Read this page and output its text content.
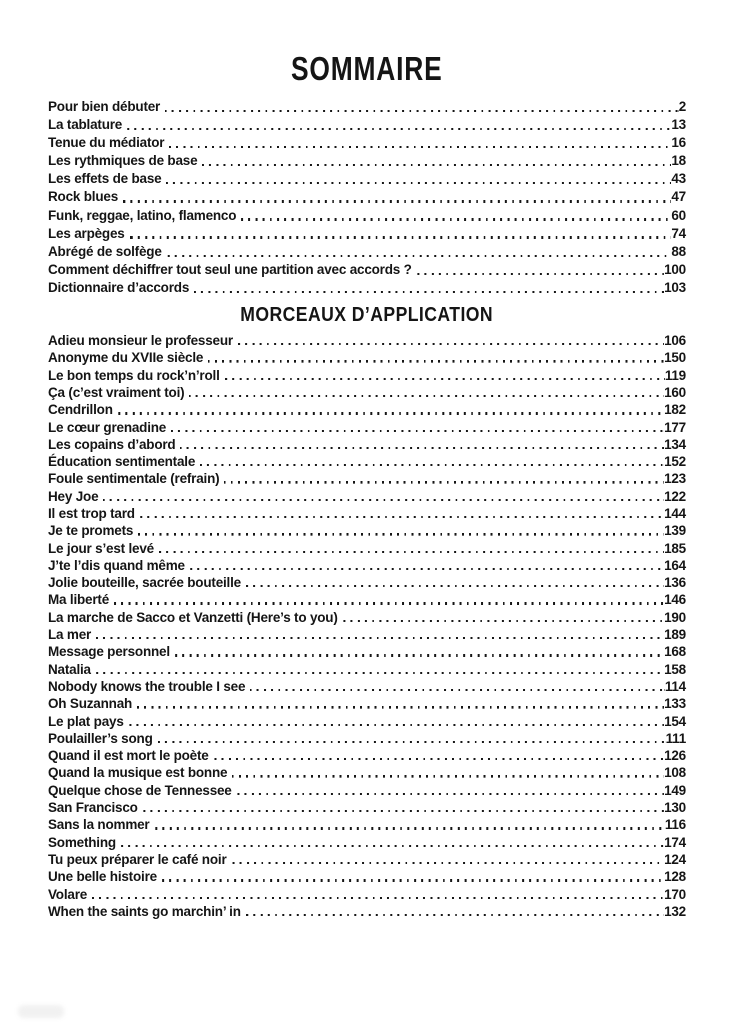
SOMMAIRE
Pour bien débuter	2
La tablature	13
Tenue du médiator	16
Les rythmiques de base	18
Les effets de base	43
Rock blues	47
Funk, reggae, latino, flamenco	60
Les arpèges	74
Abrégé de solfège	88
Comment déchiffrer tout seul une partition avec accords ?	100
Dictionnaire d’accords	103
MORCEAUX D’APPLICATION
Adieu monsieur le professeur	106
Anonyme du XVIIe siècle	150
Le bon temps du rock’n’roll	119
Ça (c’est vraiment toi)	160
Cendrillon	182
Le cœur grenadine	177
Les copains d’abord	134
Éducation sentimentale	152
Foule sentimentale (refrain)	123
Hey Joe	122
Il est trop tard	144
Je te promets	139
Le jour s’est levé	185
J’te l’dis quand même	164
Jolie bouteille, sacrée bouteille	136
Ma liberté	146
La marche de Sacco et Vanzetti (Here’s to you)	190
La mer	189
Message personnel	168
Natalia	158
Nobody knows the trouble I see	114
Oh Suzannah	133
Le plat pays	154
Poulailler’s song	111
Quand il est mort le poète	126
Quand la musique est bonne	108
Quelque chose de Tennessee	149
San Francisco	130
Sans la nommer	116
Something	174
Tu peux préparer le café noir	124
Une belle histoire	128
Volare	170
When the saints go marchin’ in	132
